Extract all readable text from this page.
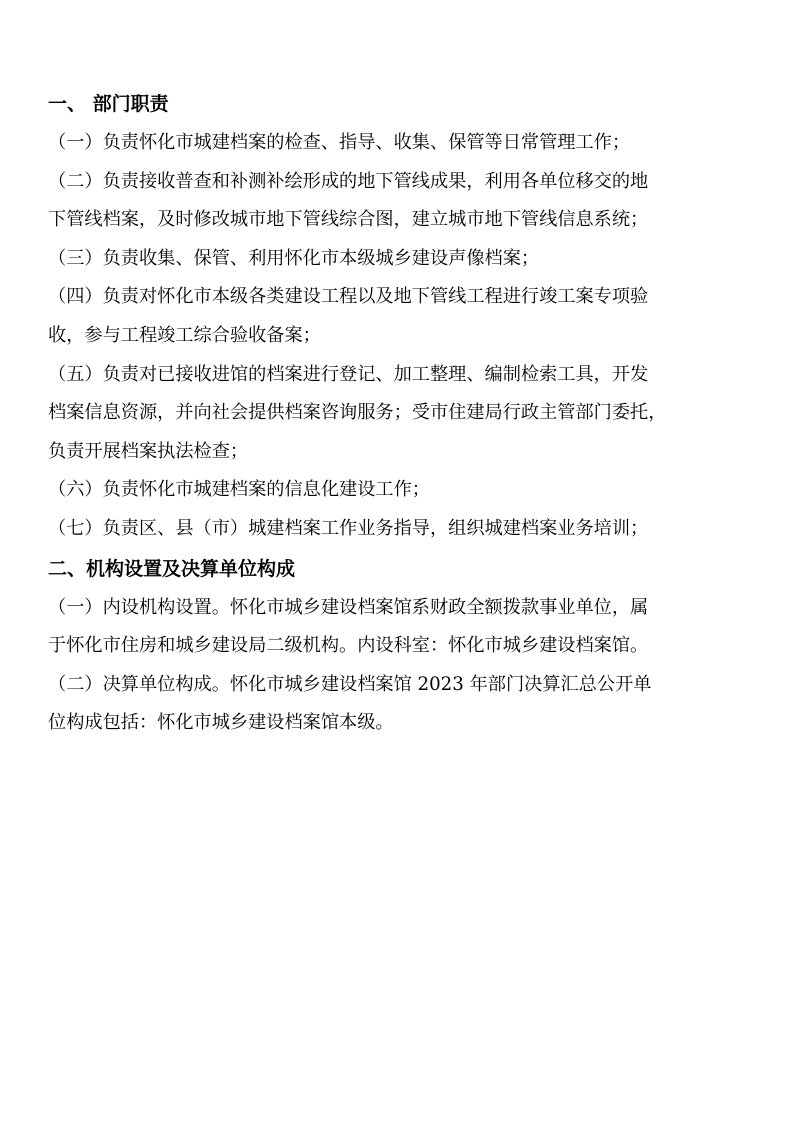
一、 部门职责

（一）负责怀化市城建档案的检查、指导、收集、保管等日常管理工作；

（二）负责接收普查和补测补绘形成的地下管线成果，利用各单位移交的地
下管线档案，及时修改城市地下管线综合图，建立城市地下管线信息系统；

（三）负责收集、保管、利用怀化市本级城乡建设声像档案；

（四）负责对怀化市本级各类建设工程以及地下管线工程进行竣工案专项验
收，参与工程竣工综合验收备案；

（五）负责对已接收进馆的档案进行登记、加工整理、编制检索工具，开发
档案信息资源，并向社会提供档案咨询服务；受市住建局行政主管部门委托，
负责开展档案执法检查；

（六）负责怀化市城建档案的信息化建设工作；

（七）负责区、县（市）城建档案工作业务指导，组织城建档案业务培训；

二、机构设置及决算单位构成

（一）内设机构设置。怀化市城乡建设档案馆系财政全额拨款事业单位，属
于怀化市住房和城乡建设局二级机构。内设科室：怀化市城乡建设档案馆。

（二）决算单位构成。怀化市城乡建设档案馆 2023 年部门决算汇总公开单
位构成包括：怀化市城乡建设档案馆本级。
